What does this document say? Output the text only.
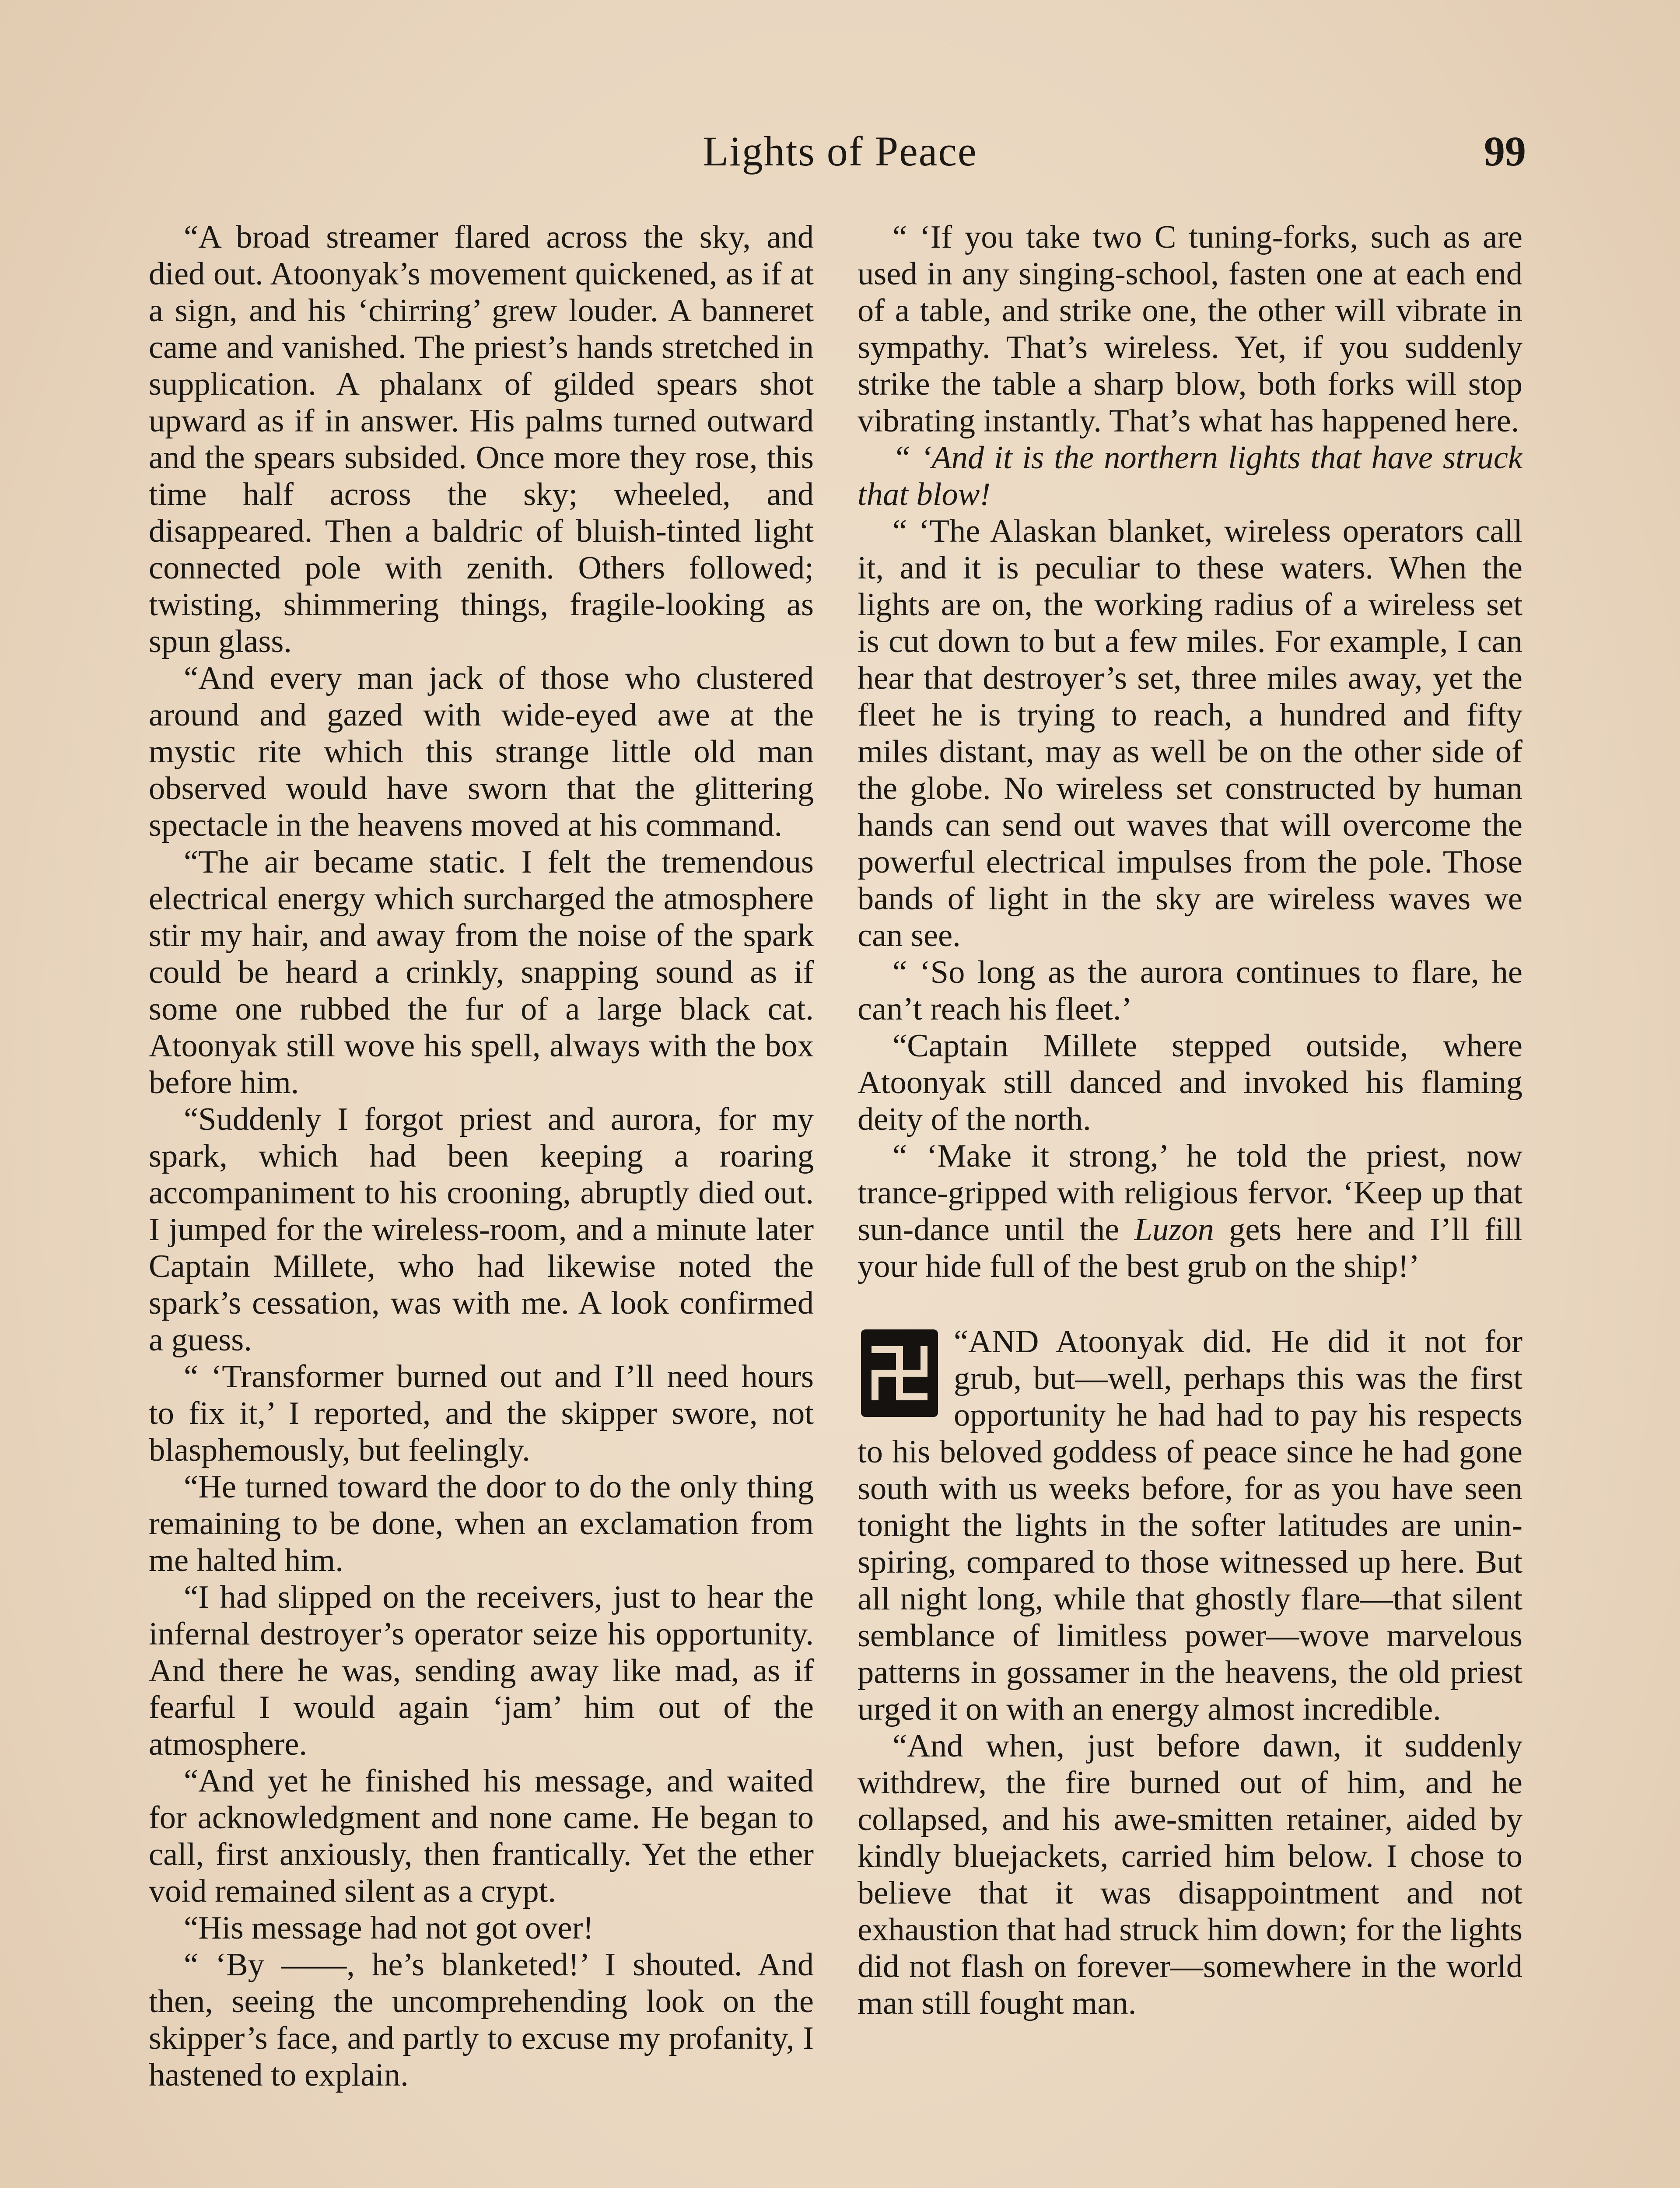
Lights of Peace	99

“A broad streamer flared across the sky, and died out. Atoonyak’s movement quickened, as if at a sign, and his ‘chirring’ grew louder. A banneret came and vanished. The priest’s hands stretched in supplication. A phalanx of gilded spears shot upward as if in answer. His palms turned outward and the spears subsided. Once more they rose, this time half across the sky; wheeled, and disappeared. Then a baldric of bluish-tinted light connected pole with zenith. Others followed; twisting, shimmering things, fragile-looking as spun glass.

“And every man jack of those who clustered around and gazed with wide-eyed awe at the mystic rite which this strange little old man observed would have sworn that the glittering spectacle in the heavens moved at his command.

“The air became static. I felt the tremendous electrical energy which surcharged the atmosphere stir my hair, and away from the noise of the spark could be heard a crinkly, snapping sound as if some one rubbed the fur of a large black cat. Atoonyak still wove his spell, always with the box before him.

“Suddenly I forgot priest and aurora, for my spark, which had been keeping a roaring accompaniment to his crooning, abruptly died out. I jumped for the wireless-room, and a minute later Captain Millete, who had likewise noted the spark’s cessation, was with me. A look confirmed a guess.

“ ‘Transformer burned out and I’ll need hours to fix it,’ I reported, and the skipper swore, not blasphemously, but feelingly.

“He turned toward the door to do the only thing remaining to be done, when an exclamation from me halted him.

“I had slipped on the receivers, just to hear the infernal destroyer’s operator seize his opportunity. And there he was, sending away like mad, as if fearful I would again ‘jam’ him out of the atmosphere.

“And yet he finished his message, and waited for acknowledgment and none came. He began to call, first anxiously, then frantically. Yet the ether void remained silent as a crypt.

“His message had not got over!

“ ‘By ——, he’s blanketed!’ I shouted. And then, seeing the uncomprehending look on the skipper’s face, and partly to excuse my profanity, I hastened to explain.

“ ‘If you take two C tuning-forks, such as are used in any singing-school, fasten one at each end of a table, and strike one, the other will vibrate in sympathy. That’s wireless. Yet, if you suddenly strike the table a sharp blow, both forks will stop vibrating instantly. That’s what has happened here.

“ ‘And it is the northern lights that have struck that blow!

“ ‘The Alaskan blanket, wireless operators call it, and it is peculiar to these waters. When the lights are on, the working radius of a wireless set is cut down to but a few miles. For example, I can hear that destroyer’s set, three miles away, yet the fleet he is trying to reach, a hundred and fifty miles distant, may as well be on the other side of the globe. No wireless set constructed by human hands can send out waves that will overcome the powerful electrical impulses from the pole. Those bands of light in the sky are wireless waves we can see.

“ ‘So long as the aurora continues to flare, he can’t reach his fleet.’

“Captain Millete stepped outside, where Atoonyak still danced and invoked his flaming deity of the north.

“ ‘Make it strong,’ he told the priest, now trance-gripped with religious fervor. ‘Keep up that sun-dance until the Luzon gets here and I’ll fill your hide full of the best grub on the ship!’

“AND Atoonyak did. He did it not for grub, but—well, perhaps this was the first opportunity he had had to pay his respects to his beloved goddess of peace since he had gone south with us weeks before, for as you have seen tonight the lights in the softer latitudes are uninspiring, compared to those witnessed up here. But all night long, while that ghostly flare—that silent semblance of limitless power—wove marvelous patterns in gossamer in the heavens, the old priest urged it on with an energy almost incredible.

“And when, just before dawn, it suddenly withdrew, the fire burned out of him, and he collapsed, and his awe-smitten retainer, aided by kindly bluejackets, carried him below. I chose to believe that it was disappointment and not exhaustion that had struck him down; for the lights did not flash on forever—somewhere in the world man still fought man.
